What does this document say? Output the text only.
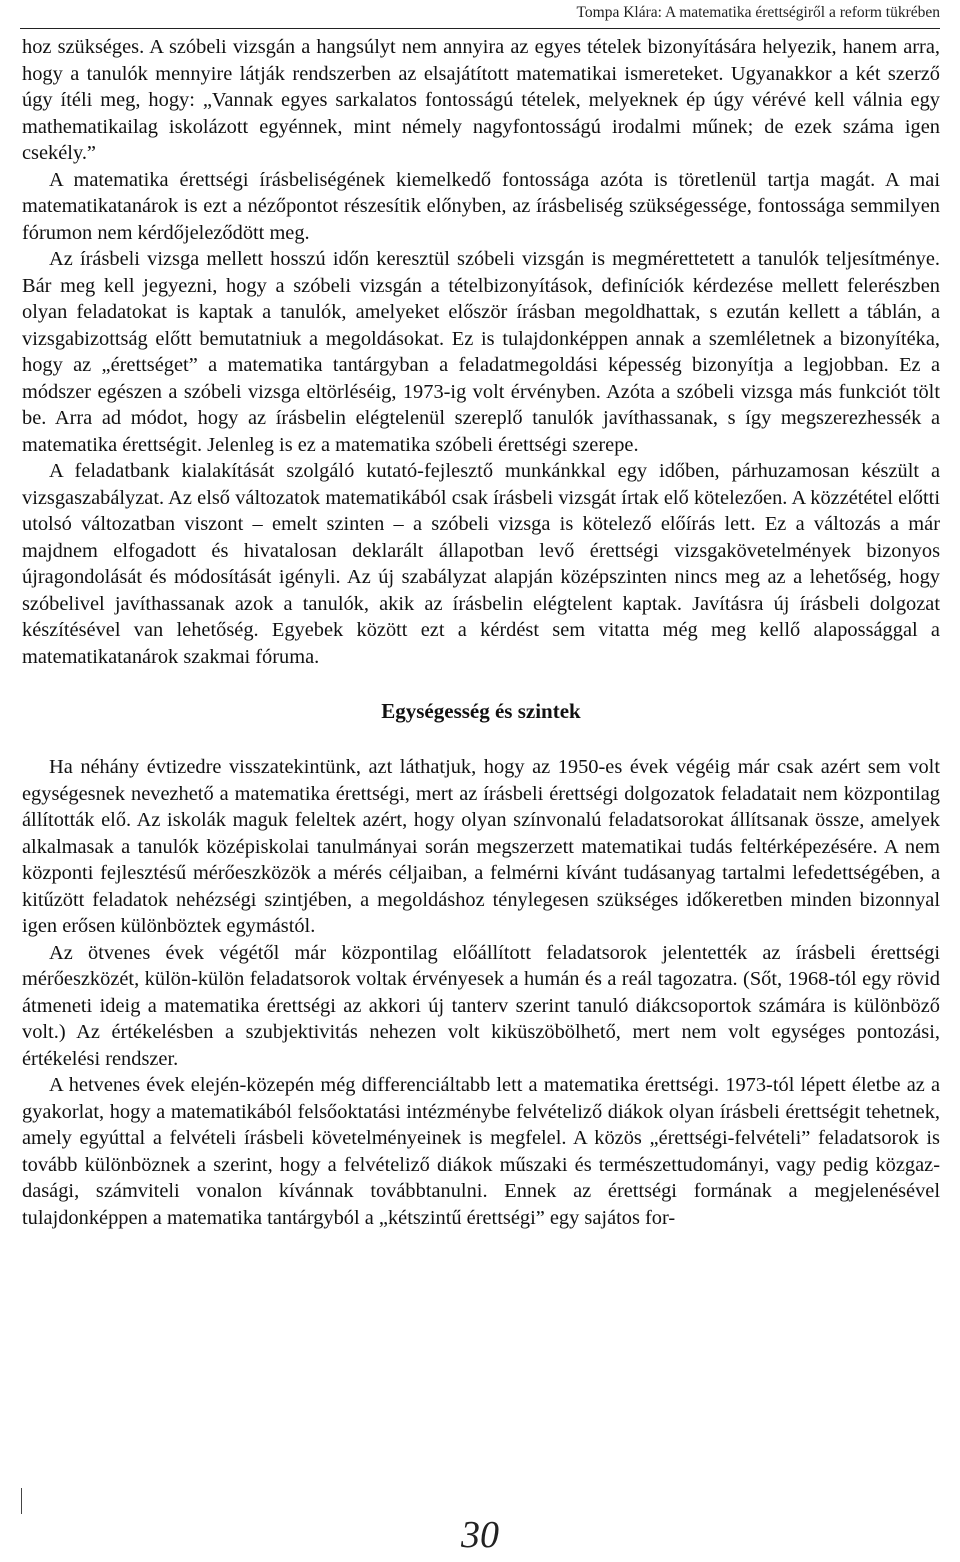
Tompa Klára: A matematika érettségiről a reform tükrében

hoz szükséges. A szóbeli vizsgán a hangsúlyt nem annyira az egyes tételek bizonyítására helyezik, hanem arra, hogy a tanulók mennyire látják rendszerben az elsajátított matematikai ismereteket. Ugyanakkor a két szerző úgy ítéli meg, hogy: „Vannak egyes sarkalatos fontosságú tételek, melyeknek ép úgy vérévé kell válnia egy mathematikailag iskolázott egyénnek, mint némely nagyfontosságú irodalmi műnek; de ezek száma igen csekély.”

A matematika érettségi írásbeliségének kiemelkedő fontossága azóta is töretlenül tartja magát. A mai matematikatanárok is ezt a nézőpontot részesítik előnyben, az írásbeliség szükségessége, fontossága semmilyen fórumon nem kérdőjeleződött meg.

Az írásbeli vizsga mellett hosszú időn keresztül szóbeli vizsgán is megmérettetett a tanulók teljesítménye. Bár meg kell jegyezni, hogy a szóbeli vizsgán a tételbizonyítások, definíciók kérdezése mellett felerészben olyan feladatokat is kaptak a tanulók, amelyeket először írásban megoldhattak, s ezután kellett a táblán, a vizsgabizottság előtt bemutatniuk a megoldásokat. Ez is tulajdonképpen annak a szemléletnek a bizonyítéka, hogy az „érettséget” a matematika tantárgyban a feladatmegoldási képesség bizonyítja a legjobban. Ez a módszer egészen a szóbeli vizsga eltörléséig, 1973-ig volt érvényben. Azóta a szóbeli vizsga más funkciót tölt be. Arra ad módot, hogy az írásbelin elégtelenül szereplő tanulók javíthassanak, s így megszerezhessék a matematika érettségit. Jelenleg is ez a matematika szóbeli érettségi szerepe.

A feladatbank kialakítását szolgáló kutató-fejlesztő munkánkkal egy időben, párhuzamosan készült a vizsgaszabályzat. Az első változatok matematikából csak írásbeli vizsgát írtak elő kötelezően. A közzététel előtti utolsó változatban viszont – emelt szinten – a szóbeli vizsga is kötelező előírás lett. Ez a változás a már majdnem elfogadott és hivatalosan deklarált állapotban levő érettségi vizsgakövetelmények bizonyos újragondolását és módosítását igényli. Az új szabályzat alapján középszinten nincs meg az a lehetőség, hogy szóbelivel javíthassanak azok a tanulók, akik az írásbelin elégtelent kaptak. Javításra új írásbeli dolgozat készítésével van lehetőség. Egyebek között ezt a kérdést sem vitatta még meg kellő alapossággal a matematikatanárok szakmai fóruma.

Egységesség és szintek

Ha néhány évtizedre visszatekintünk, azt láthatjuk, hogy az 1950-es évek végéig már csak azért sem volt egységesnek nevezhető a matematika érettségi, mert az írásbeli érettségi dolgozatok feladatait nem központilag állították elő. Az iskolák maguk feleltek azért, hogy olyan színvonalú feladatsorokat állítsanak össze, amelyek alkalmasak a tanulók középiskolai tanulmányai során megszerzett matematikai tudás feltérképezésére. A nem központi fejlesztésű mérőeszközök a mérés céljaiban, a felmérni kívánt tudásanyag tartalmi lefedettségében, a kitűzött feladatok nehézségi szintjében, a megoldáshoz ténylegesen szükséges időkeretben minden bizonnyal igen erősen különböztek egymástól.

Az ötvenes évek végétől már központilag előállított feladatsorok jelentették az írásbeli érettségi mérőeszközét, külön-külön feladatsorok voltak érvényesek a humán és a reál tagozatra. (Sőt, 1968-tól egy rövid átmeneti ideig a matematika érettségi az akkori új tanterv szerint tanuló diákcsoportok számára is különböző volt.) Az értékelésben a szubjektivitás nehezen volt kiküszöbölhető, mert nem volt egységes pontozási, értékelési rendszer.

A hetvenes évek elején-közepén még differenciáltabb lett a matematika érettségi. 1973-tól lépett életbe az a gyakorlat, hogy a matematikából felsőoktatási intézménybe felvételiző diákok olyan írásbeli érettségit tehetnek, amely egyúttal a felvételi írásbeli követelményeinek is megfelel. A közös „érettségi-felvételi” feladatsorok is tovább különböznek a szerint, hogy a felvételiző diákok műszaki és természettudományi, vagy pedig közgazdasági, számviteli vonalon kívánnak továbbtanulni. Ennek az érettségi formának a megjelenésével tulajdonképpen a matematika tantárgyból a „kétszintű érettségi” egy sajátos for-

30
